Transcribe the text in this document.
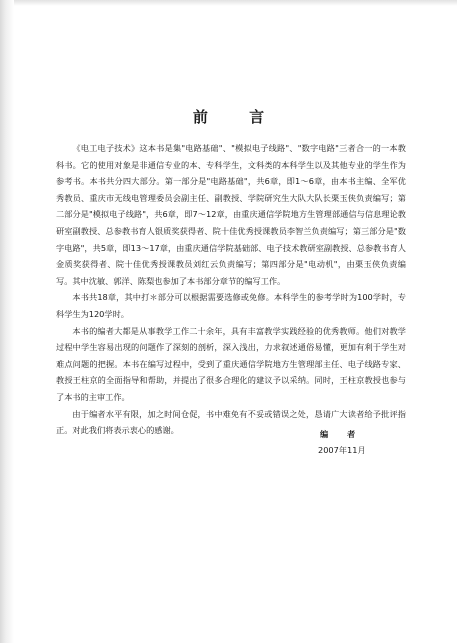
前 言

《电工电子技术》这本书是集"电路基础"、"模拟电子线路"、"数字电路"三者合一的一本教科书。它的使用对象是非通信专业的本、专科学生，文科类的本科学生以及其他专业的学生作为参考书。本书共分四大部分。第一部分是"电路基础"，共6章，即1～6章，由本书主编、全军优秀教员、重庆市无线电管理委员会副主任、副教授、学院研究生大队大队长栗玉侠负责编写；第二部分是"模拟电子线路"，共6章，即7～12章，由重庆通信学院地方生管理部通信与信息理论教研室副教授、总参教书育人银质奖获得者、院十佳优秀授课教员李智兰负责编写；第三部分是"数字电路"，共5章，即13～17章，由重庆通信学院基础部、电子技术教研室副教授、总参教书育人金质奖获得者、院十佳优秀授课教员刘红云负责编写；第四部分是"电动机"，由栗玉侠负责编写。其中沈敏、郭洋、陈梨也参加了本书部分章节的编写工作。

本书共18章，其中打＊部分可以根据需要选修或免修。本科学生的参考学时为100学时，专科学生为120学时。

本书的编者大都是从事教学工作二十余年，具有丰富教学实践经验的优秀教师。他们对教学过程中学生容易出现的问题作了深刻的剖析，深入浅出，力求叙述通俗易懂，更加有利于学生对难点问题的把握。本书在编写过程中，受到了重庆通信学院地方生管理部主任、电子线路专家、教授王柱京的全面指导和帮助，并提出了很多合理化的建议予以采纳。同时，王柱京教授也参与了本书的主审工作。

由于编者水平有限，加之时间仓促，书中难免有不妥或错误之处，恳请广大读者给予批评指正。对此我们将表示衷心的感谢。	编 者
2007年11月
